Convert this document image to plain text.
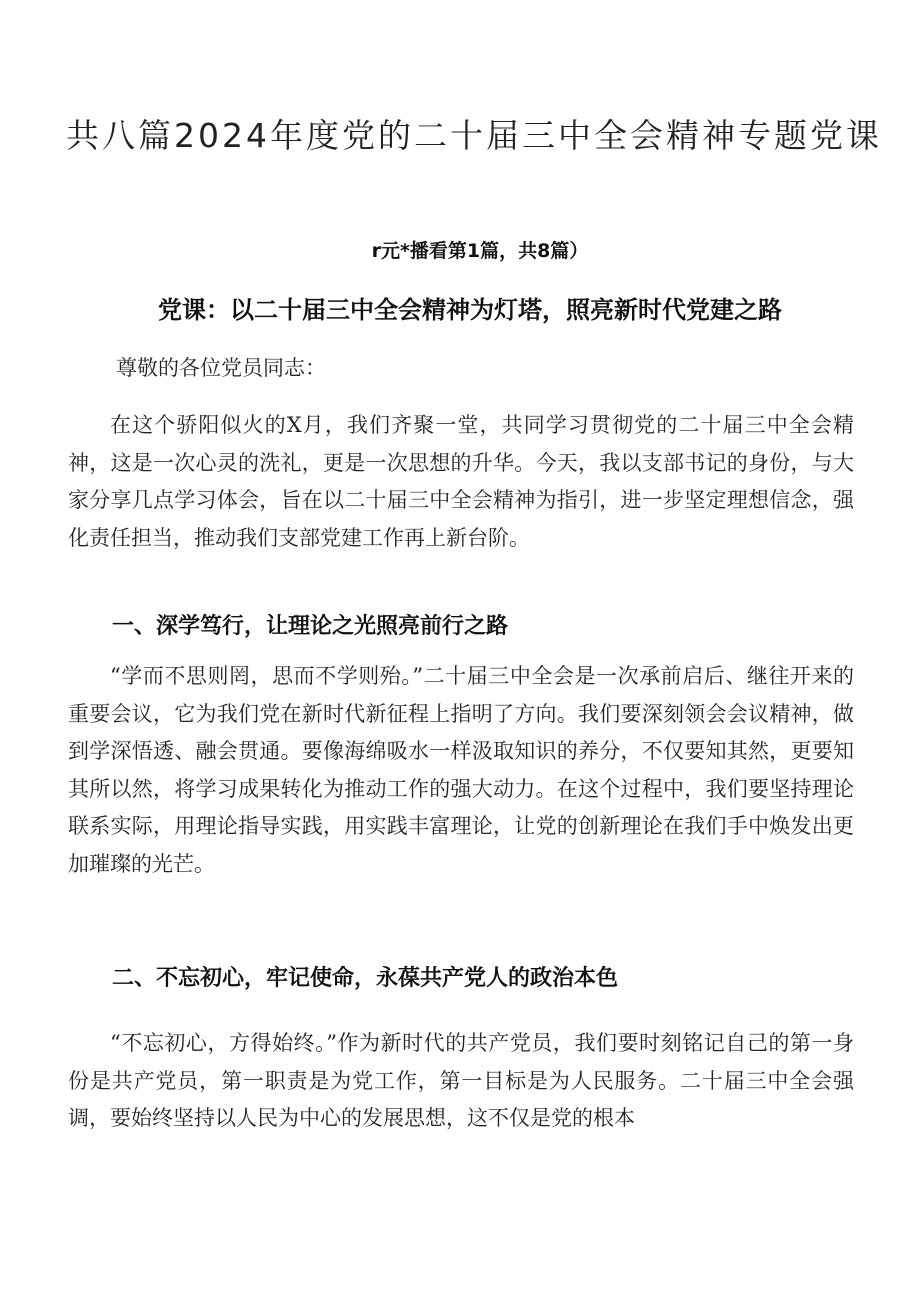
共八篇2024年度党的二十届三中全会精神专题党课
r元*播看第1篇，共8篇）
党课：以二十届三中全会精神为灯塔，照亮新时代党建之路

尊敬的各位党员同志：

在这个骄阳似火的X月，我们齐聚一堂，共同学习贯彻党的二十届三中全会精神，这是一次心灵的洗礼，更是一次思想的升华。今天，我以支部书记的身份，与大家分享几点学习体会，旨在以二十届三中全会精神为指引，进一步坚定理想信念，强化责任担当，推动我们支部党建工作再上新台阶。

一、深学笃行，让理论之光照亮前行之路

“学而不思则罔，思而不学则殆。”二十届三中全会是一次承前启后、继往开来的重要会议，它为我们党在新时代新征程上指明了方向。我们要深刻领会会议精神，做到学深悟透、融会贯通。要像海绵吸水一样汲取知识的养分，不仅要知其然，更要知其所以然，将学习成果转化为推动工作的强大动力。在这个过程中，我们要坚持理论联系实际，用理论指导实践，用实践丰富理论，让党的创新理论在我们手中焕发出更加璀璨的光芒。

二、不忘初心，牢记使命，永葆共产党人的政治本色

“不忘初心，方得始终。”作为新时代的共产党员，我们要时刻铭记自己的第一身份是共产党员，第一职责是为党工作，第一目标是为人民服务。二十届三中全会强调，要始终坚持以人民为中心的发展思想，这不仅是党的根本
